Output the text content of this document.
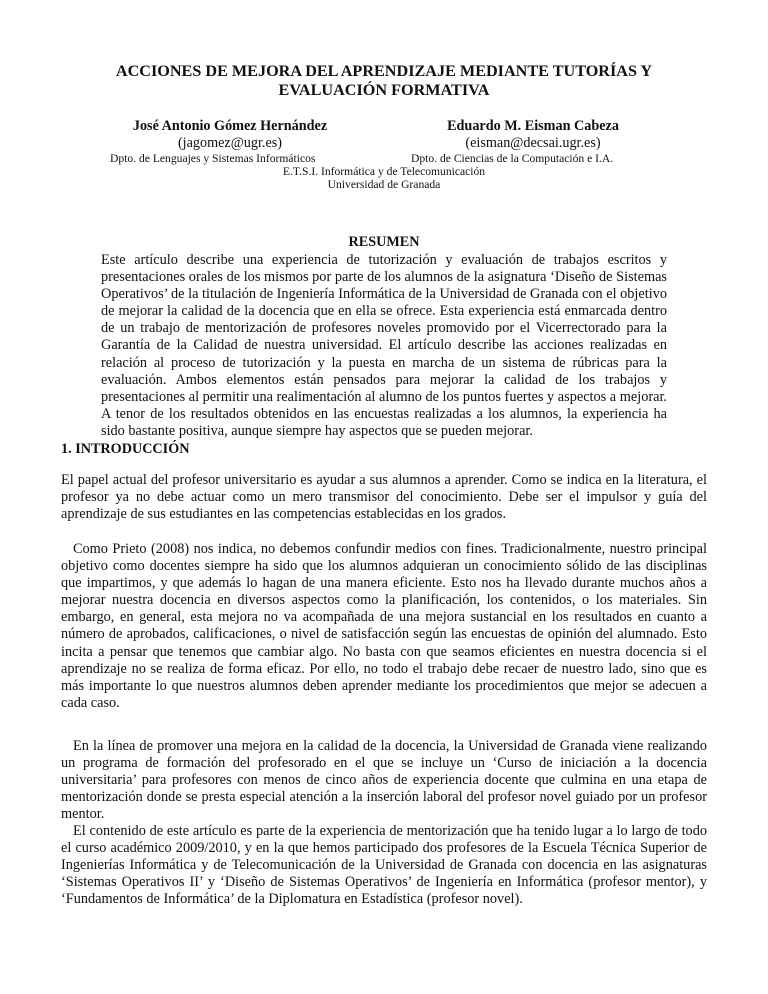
ACCIONES DE MEJORA DEL APRENDIZAJE MEDIANTE TUTORÍAS Y
EVALUACIÓN FORMATIVA
José Antonio Gómez Hernández
(jagomez@ugr.es)
Eduardo M. Eisman Cabeza
(eisman@decsai.ugr.es)
Dpto. de Lenguajes y Sistemas Informáticos	Dpto. de Ciencias de la Computación e I.A.
E.T.S.I. Informática y de Telecomunicación
Universidad de Granada
RESUMEN

Este artículo describe una experiencia de tutorización y evaluación de trabajos escritos y presentaciones orales de los mismos por parte de los alumnos de la asignatura ‘Diseño de Sistemas Operativos’ de la titulación de Ingeniería Informática de la Universidad de Granada con el objetivo de mejorar la calidad de la docencia que en ella se ofrece. Esta experiencia está enmarcada dentro de un trabajo de mentorización de profesores noveles promovido por el Vicerrectorado para la Garantía de la Calidad de nuestra universidad. El artículo describe las acciones realizadas en relación al proceso de tutorización y la puesta en marcha de un sistema de rúbricas para la evaluación. Ambos elementos están pensados para mejorar la calidad de los trabajos y presentaciones al permitir una realimentación al alumno de los puntos fuertes y aspectos a mejorar. A tenor de los resultados obtenidos en las encuestas realizadas a los alumnos, la experiencia ha sido bastante positiva, aunque siempre hay aspectos que se pueden mejorar.

1. INTRODUCCIÓN

El papel actual del profesor universitario es ayudar a sus alumnos a aprender. Como se indica en la literatura, el profesor ya no debe actuar como un mero transmisor del conocimiento. Debe ser el impulsor y guía del aprendizaje de sus estudiantes en las competencias establecidas en los grados.

Como Prieto (2008) nos indica, no debemos confundir medios con fines. Tradicionalmente, nuestro principal objetivo como docentes siempre ha sido que los alumnos adquieran un conocimiento sólido de las disciplinas que impartimos, y que además lo hagan de una manera eficiente. Esto nos ha llevado durante muchos años a mejorar nuestra docencia en diversos aspectos como la planificación, los contenidos, o los materiales. Sin embargo, en general, esta mejora no va acompañada de una mejora sustancial en los resultados en cuanto a número de aprobados, calificaciones, o nivel de satisfacción según las encuestas de opinión del alumnado. Esto incita a pensar que tenemos que cambiar algo. No basta con que seamos eficientes en nuestra docencia si el aprendizaje no se realiza de forma eficaz. Por ello, no todo el trabajo debe recaer de nuestro lado, sino que es más importante lo que nuestros alumnos deben aprender mediante los procedimientos que mejor se adecuen a cada caso.

En la línea de promover una mejora en la calidad de la docencia, la Universidad de Granada viene realizando un programa de formación del profesorado en el que se incluye un ‘Curso de iniciación a la docencia universitaria’ para profesores con menos de cinco años de experiencia docente que culmina en una etapa de mentorización donde se presta especial atención a la inserción laboral del profesor novel guiado por un profesor mentor.

El contenido de este artículo es parte de la experiencia de mentorización que ha tenido lugar a lo largo de todo el curso académico 2009/2010, y en la que hemos participado dos profesores de la Escuela Técnica Superior de Ingenierías Informática y de Telecomunicación de la Universidad de Granada con docencia en las asignaturas ‘Sistemas Operativos II’ y ‘Diseño de Sistemas Operativos’ de Ingeniería en Informática (profesor mentor), y ‘Fundamentos de Informática’ de la Diplomatura en Estadística (profesor novel).
